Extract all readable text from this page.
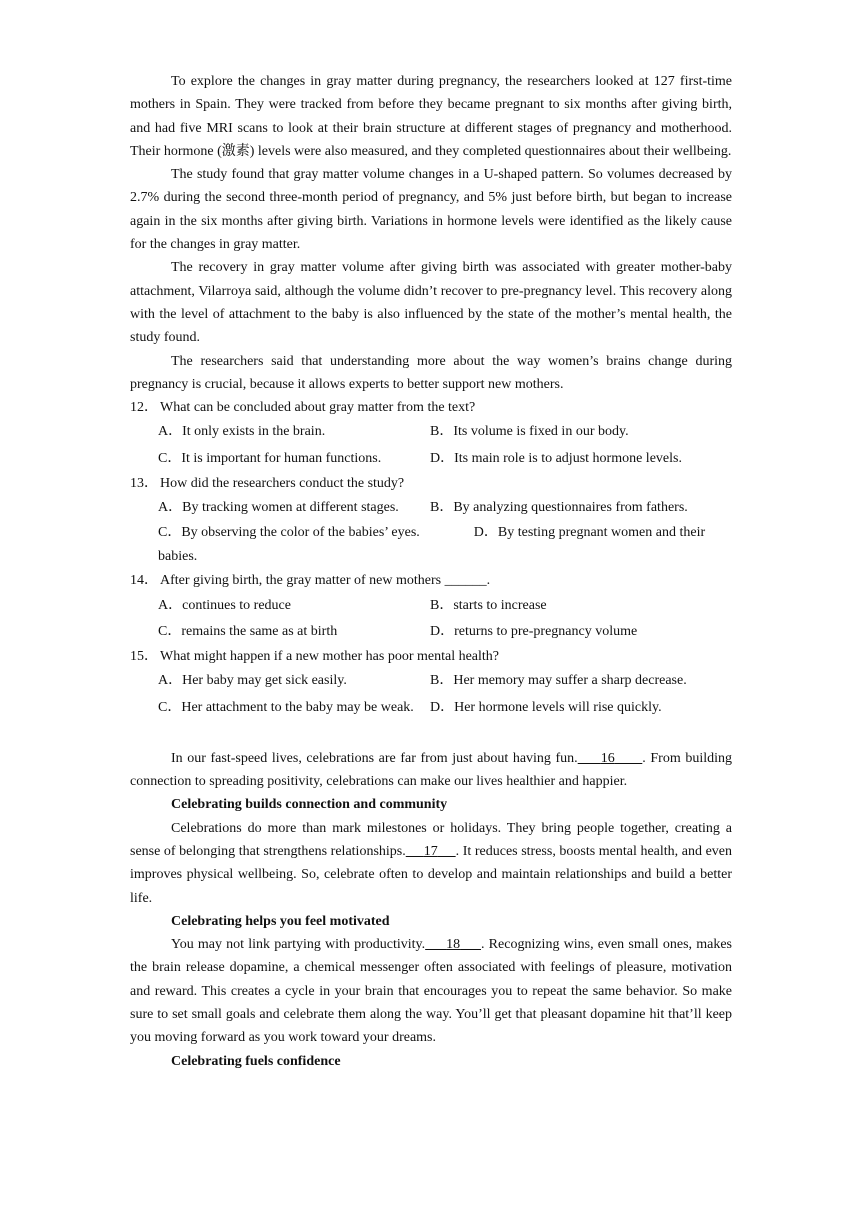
To explore the changes in gray matter during pregnancy, the researchers looked at 127 first-time mothers in Spain. They were tracked from before they became pregnant to six months after giving birth, and had five MRI scans to look at their brain structure at different stages of pregnancy and motherhood. Their hormone (激素) levels were also measured, and they completed questionnaires about their wellbeing.

The study found that gray matter volume changes in a U-shaped pattern. So volumes decreased by 2.7% during the second three-month period of pregnancy, and 5% just before birth, but began to increase again in the six months after giving birth. Variations in hormone levels were identified as the likely cause for the changes in gray matter.

The recovery in gray matter volume after giving birth was associated with greater mother-baby attachment, Vilarroya said, although the volume didn’t recover to pre-pregnancy level. This recovery along with the level of attachment to the baby is also influenced by the state of the mother’s mental health, the study found.

The researchers said that understanding more about the way women’s brains change during pregnancy is crucial, because it allows experts to better support new mothers.

12． What can be concluded about gray matter from the text?

A．It only exists in the brain.	B．Its volume is fixed in our body.
C．It is important for human functions.	D．Its main role is to adjust hormone levels.

13． How did the researchers conduct the study?

A．By tracking women at different stages.	B．By analyzing questionnaires from fathers.
C．By observing the color of the babies’ eyes.	D．By testing pregnant women and their babies.

14． After giving birth, the gray matter of new mothers ______.

A．continues to reduce	B．starts to increase
C．remains the same as at birth	D．returns to pre-pregnancy volume

15． What might happen if a new mother has poor mental health?

A．Her baby may get sick easily.	B．Her memory may suffer a sharp decrease.
C．Her attachment to the baby may be weak.	D．Her hormone levels will rise quickly.

In our fast-speed lives, celebrations are far from just about having fun. 16 . From building connection to spreading positivity, celebrations can make our lives healthier and happier.

Celebrating builds connection and community

Celebrations do more than mark milestones or holidays. They bring people together, creating a sense of belonging that strengthens relationships. 17 . It reduces stress, boosts mental health, and even improves physical wellbeing. So, celebrate often to develop and maintain relationships and build a better life.

Celebrating helps you feel motivated

You may not link partying with productivity. 18 . Recognizing wins, even small ones, makes the brain release dopamine, a chemical messenger often associated with feelings of pleasure, motivation and reward. This creates a cycle in your brain that encourages you to repeat the same behavior. So make sure to set small goals and celebrate them along the way. You’ll get that pleasant dopamine hit that’ll keep you moving forward as you work toward your dreams.

Celebrating fuels confidence
